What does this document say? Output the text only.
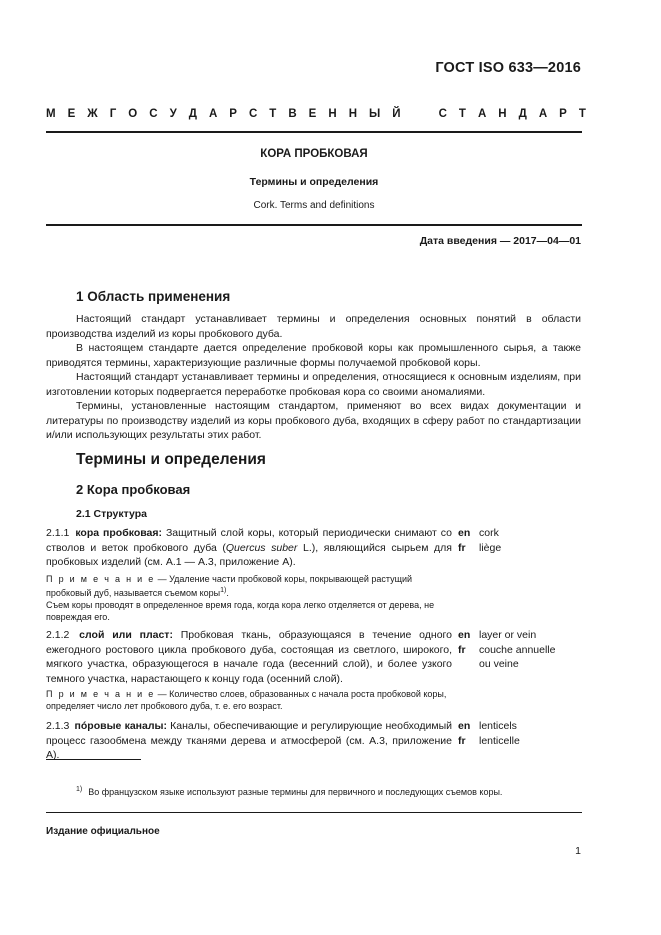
ГОСТ ISO 633—2016
М Е Ж Г О С У Д А Р С Т В Е Н Н Ы Й	С Т А Н Д А Р Т
КОРА ПРОБКОВАЯ
Термины и определения
Cork. Terms and definitions
Дата введения — 2017—04—01
1 Область применения

Настоящий стандарт устанавливает термины и определения основных понятий в области производства изделий из коры пробкового дуба.

В настоящем стандарте дается определение пробковой коры как промышленного сырья, а также приводятся термины, характеризующие различные формы получаемой пробковой коры.

Настоящий стандарт устанавливает термины и определения, относящиеся к основным изделиям, при изготовлении которых подвергается переработке пробковая кора со своими аномалиями.

Термины, установленные настоящим стандартом, применяют во всех видах документации и литературы по производству изделий из коры пробкового дуба, входящих в сферу работ по стандартизации и/или использующих результаты этих работ.

Термины и определения
2 Кора пробковая
2.1 Структура
2.1.1 кора пробковая: Защитный слой коры, который периодически снимают со стволов и веток пробкового дуба (Quercus suber L.), являющийся сырьем для пробковых изделий (см. А.1 — А.3, приложение А).
en cork
fr	liège
П р и м е ч а н и е — Удаление части пробковой коры, покрывающей растущий пробковый дуб, называется съемом коры$^{1)}$.
Съем коры проводят в определенное время года, когда кора легко отделяется от дерева, не повреждая его.
2.1.2 слой или пласт: Пробковая ткань, образующаяся в течение одного ежегодного ростового цикла пробкового дуба, состоящая из светлого, широкого, мягкого участка, образующегося в начале года (весенний слой), и более узкого темного участка, нарастающего к концу года (осенний слой).
en layer or vein
fr	couche annuelle
ou veine
П р и м е ч а н и е — Количество слоев, образованных с начала роста пробковой коры, определяет число лет пробкового дуба, т. е. его возраст.
2.1.3 пóровые каналы: Каналы, обеспечивающие и регулирующие необходимый процесс газообмена между тканями дерева и атмосферой (см. А.3, приложение А).
en lenticels
fr	lenticelle
$^{1)}$ Во французском языке используют разные термины для первичного и последующих съемов коры.
Издание официальное
1
